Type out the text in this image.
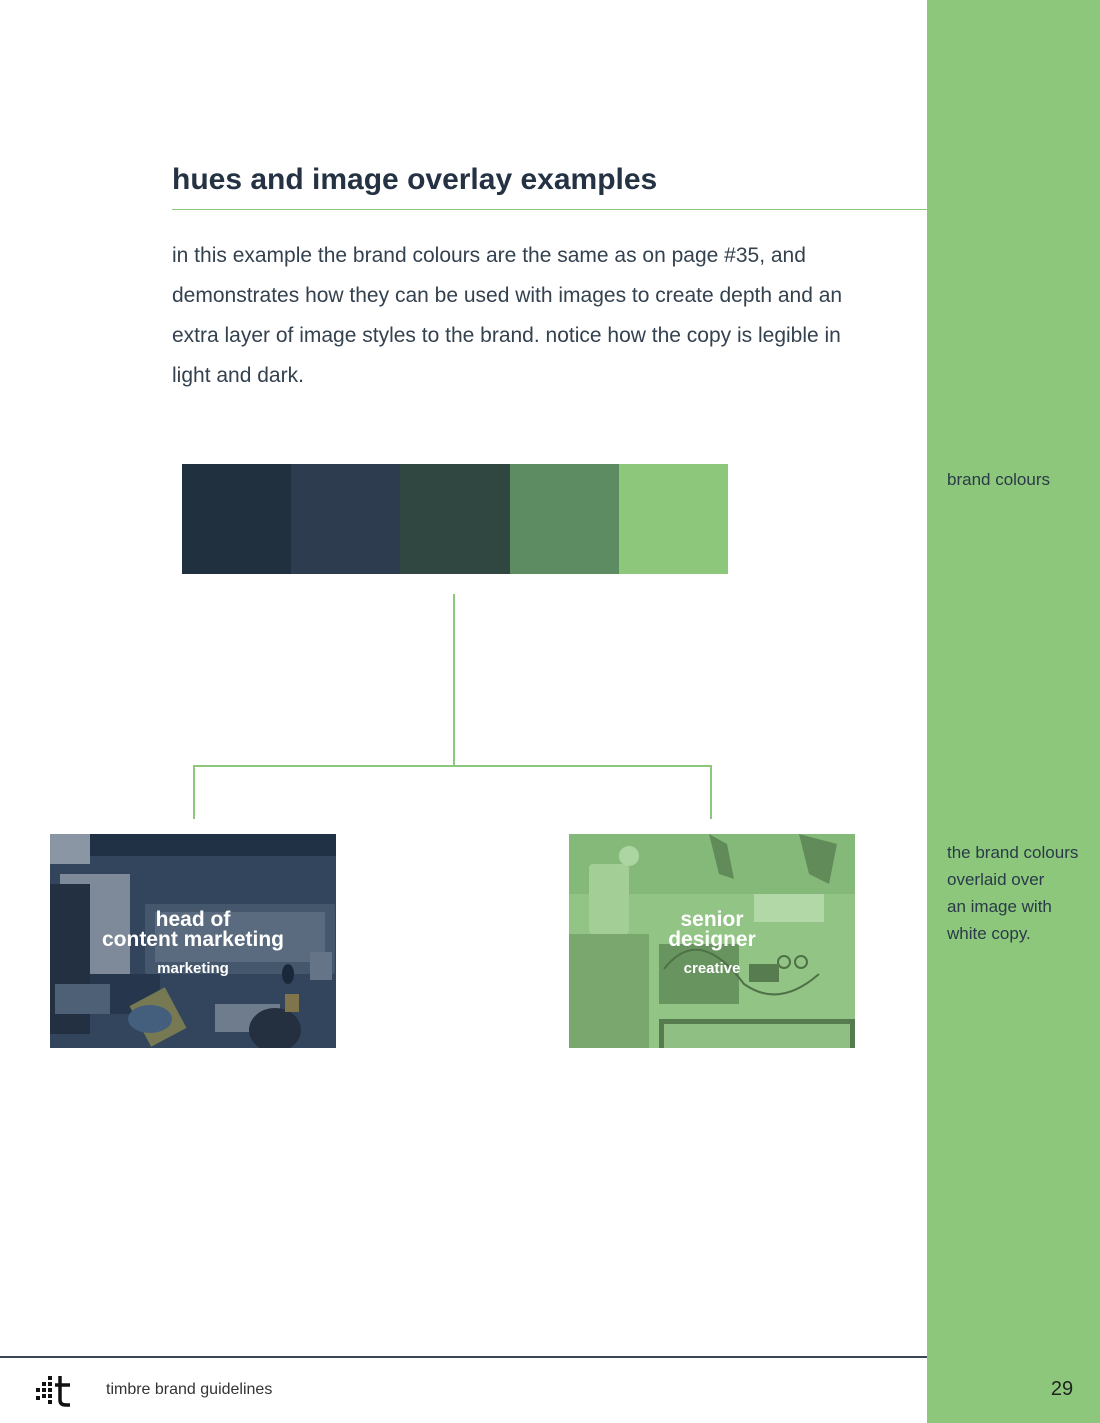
hues and image overlay examples
in this example the brand colours are the same as on page #35, and
demonstrates how they can be used with images to create depth and an
extra layer of image styles to the brand. notice how the copy is legible in
light and dark.
brand colours
the brand colours
overlaid over
an image with
white copy.
head of
content marketing
marketing
senior
designer
creative
timbre brand guidelines	29
